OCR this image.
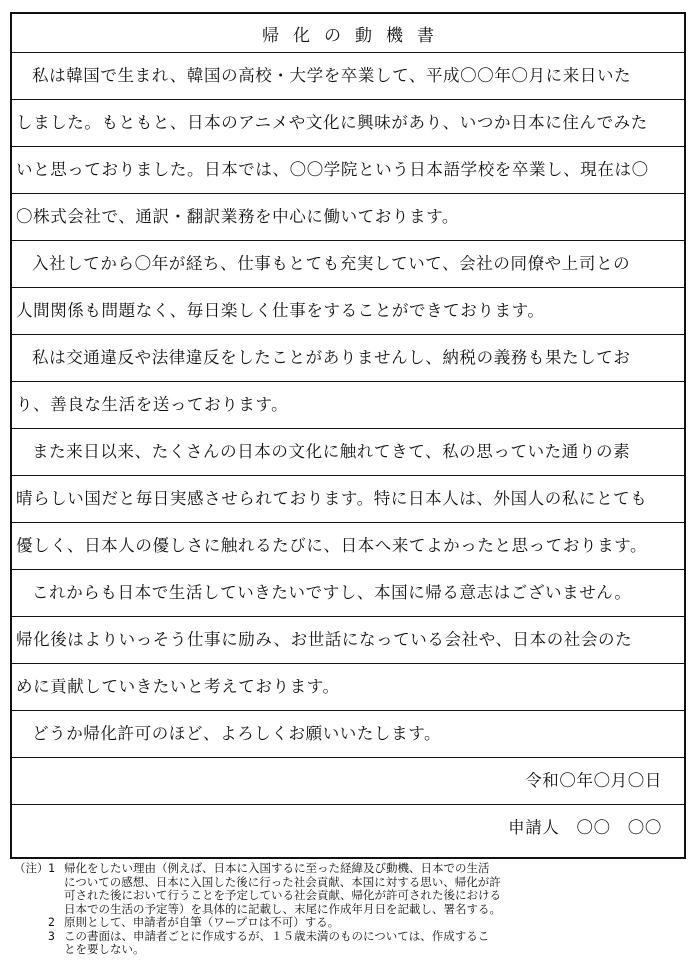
帰化の動機書
私は韓国で生まれ、韓国の高校・大学を卒業して、平成〇〇年〇月に来日いた
しました。もともと、日本のアニメや文化に興味があり、いつか日本に住んでみた
いと思っておりました。日本では、〇〇学院という日本語学校を卒業し、現在は〇
〇株式会社で、通訳・翻訳業務を中心に働いております。
入社してから〇年が経ち、仕事もとても充実していて、会社の同僚や上司との
人間関係も問題なく、毎日楽しく仕事をすることができております。
私は交通違反や法律違反をしたことがありませんし、納税の義務も果たしてお
り、善良な生活を送っております。
また来日以来、たくさんの日本の文化に触れてきて、私の思っていた通りの素
晴らしい国だと毎日実感させられております。特に日本人は、外国人の私にとても
優しく、日本人の優しさに触れるたびに、日本へ来てよかったと思っております。
これからも日本で生活していきたいですし、本国に帰る意志はございません。
帰化後はよりいっそう仕事に励み、お世話になっている会社や、日本の社会のた
めに貢献していきたいと考えております。
どうか帰化許可のほど、よろしくお願いいたします。
令和〇年〇月〇日
申請人　〇〇　〇〇
（注） 1 帰化をしたい理由（例えば、日本に入国するに至った経緯及び動機、日本での生活
についての感想、日本に入国した後に行った社会貢献、本国に対する思い、帰化が許
可された後において行うことを予定している社会貢献、帰化が許可された後における
日本での生活の予定等）を具体的に記載し、末尾に作成年月日を記載し、署名する。
2 原則として、申請者が自筆（ワープロは不可）する。
3 この書面は、申請者ごとに作成するが、１５歳未満のものについては、作成するこ
とを要しない。
